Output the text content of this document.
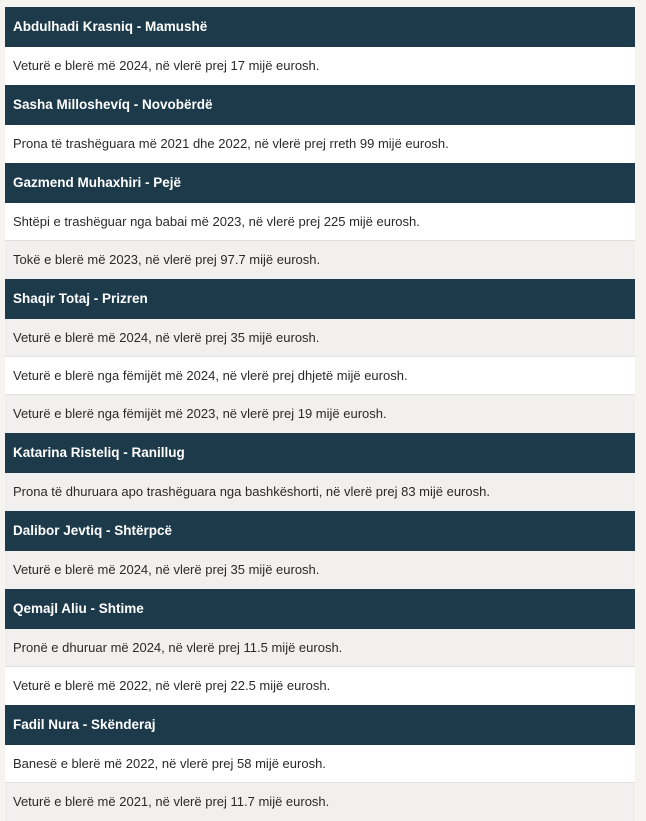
Abdulhadi Krasniq - Mamushë
Veturë e blerë më 2024, në vlerë prej 17 mijë eurosh.
Sasha Milloshevíq - Novobërdë
Prona të trashëguara më 2021 dhe 2022, në vlerë prej rreth 99 mijë eurosh.
Gazmend Muhaxhiri - Pejë
Shtëpi e trashëguar nga babai më 2023, në vlerë prej 225 mijë eurosh.
Tokë e blerë më 2023, në vlerë prej 97.7 mijë eurosh.
Shaqir Totaj - Prizren
Veturë e blerë më 2024, në vlerë prej 35 mijë eurosh.
Veturë e blerë nga fëmijët më 2024, në vlerë prej dhjetë mijë eurosh.
Veturë e blerë nga fëmijët më 2023, në vlerë prej 19 mijë eurosh.
Katarina Risteliq - Ranillug
Prona të dhuruara apo trashëguara nga bashkëshorti, në vlerë prej 83 mijë eurosh.
Dalibor Jevtiq - Shtërpcë
Veturë e blerë më 2024, në vlerë prej 35 mijë eurosh.
Qemajl Aliu - Shtime
Pronë e dhuruar më 2024, në vlerë prej 11.5 mijë eurosh.
Veturë e blerë më 2022, në vlerë prej 22.5 mijë eurosh.
Fadil Nura - Skënderaj
Banesë e blerë më 2022, në vlerë prej 58 mijë eurosh.
Veturë e blerë më 2021, në vlerë prej 11.7 mijë eurosh.
